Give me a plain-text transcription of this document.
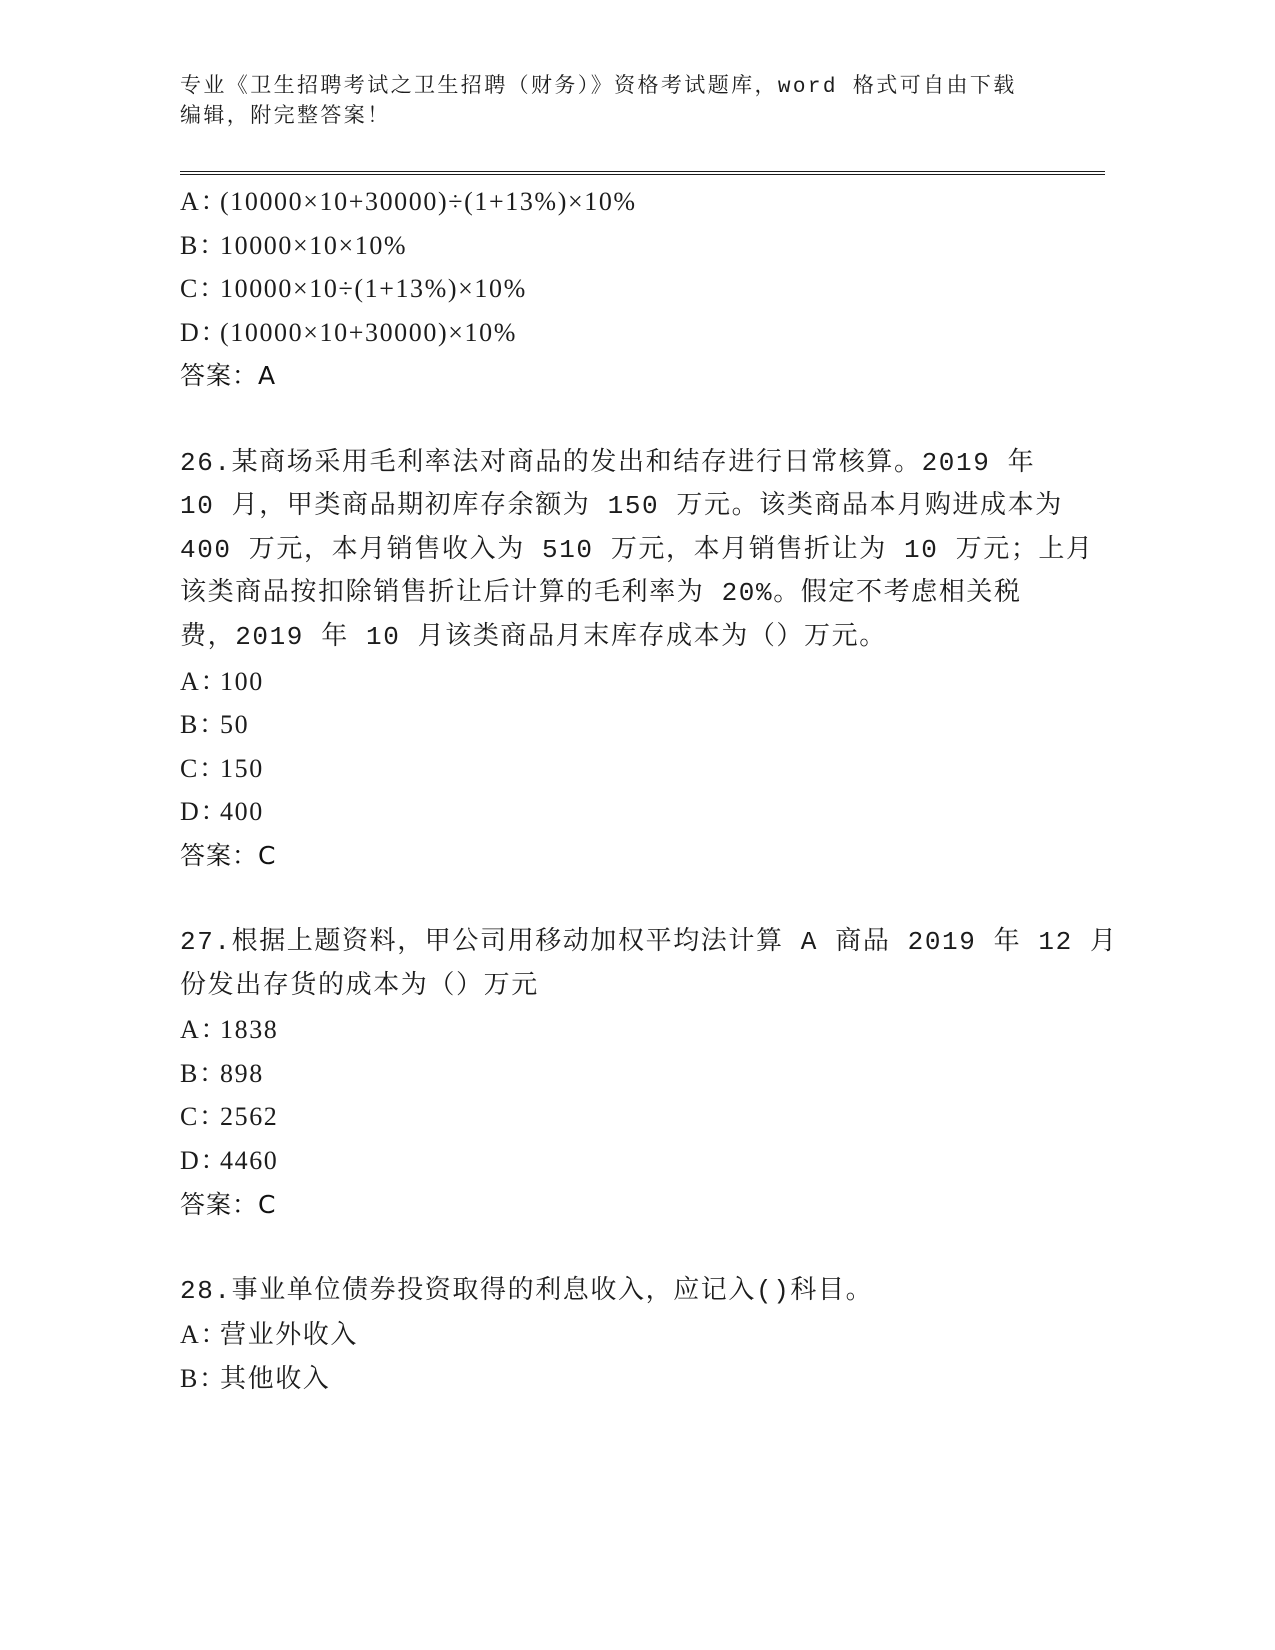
专业《卫生招聘考试之卫生招聘（财务）》资格考试题库，word 格式可自由下载
编辑，附完整答案！
A：(10000×10+30000)÷(1+13%)×10%
B：10000×10×10%
C：10000×10÷(1+13%)×10%
D：(10000×10+30000)×10%
答案：A
26.某商场采用毛利率法对商品的发出和结存进行日常核算。2019 年
10 月，甲类商品期初库存余额为 150 万元。该类商品本月购进成本为
400 万元，本月销售收入为 510 万元，本月销售折让为 10 万元；上月
该类商品按扣除销售折让后计算的毛利率为 20%。假定不考虑相关税
费，2019 年 10 月该类商品月末库存成本为（）万元。
A：100
B：50
C：150
D：400
答案：C
27.根据上题资料，甲公司用移动加权平均法计算 A 商品 2019 年 12 月
份发出存货的成本为（）万元
A：1838
B：898
C：2562
D：4460
答案：C
28.事业单位债券投资取得的利息收入，应记入()科目。
A：营业外收入
B：其他收入
